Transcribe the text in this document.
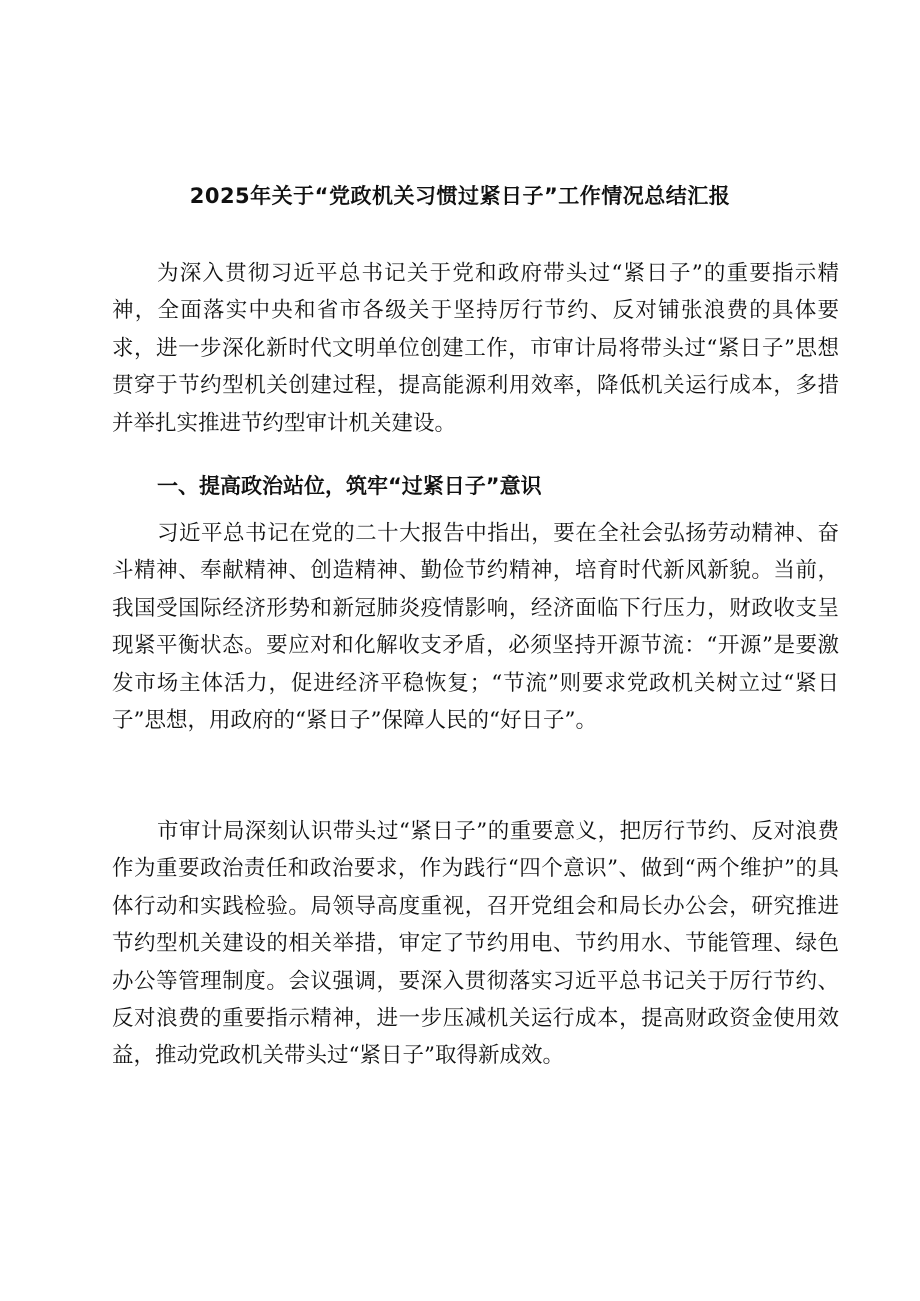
2025年关于“党政机关习惯过紧日子”工作情况总结汇报

为深入贯彻习近平总书记关于党和政府带头过“紧日子”的重要指示精神，全面落实中央和省市各级关于坚持厉行节约、反对铺张浪费的具体要求，进一步深化新时代文明单位创建工作，市审计局将带头过“紧日子”思想贯穿于节约型机关创建过程，提高能源利用效率，降低机关运行成本，多措并举扎实推进节约型审计机关建设。

一、提高政治站位，筑牢“过紧日子”意识

习近平总书记在党的二十大报告中指出，要在全社会弘扬劳动精神、奋斗精神、奉献精神、创造精神、勤俭节约精神，培育时代新风新貌。当前，我国受国际经济形势和新冠肺炎疫情影响，经济面临下行压力，财政收支呈现紧平衡状态。要应对和化解收支矛盾，必须坚持开源节流：“开源”是要激发市场主体活力，促进经济平稳恢复；“节流”则要求党政机关树立过“紧日子”思想，用政府的“紧日子”保障人民的“好日子”。

市审计局深刻认识带头过“紧日子”的重要意义，把厉行节约、反对浪费作为重要政治责任和政治要求，作为践行“四个意识”、做到“两个维护”的具体行动和实践检验。局领导高度重视，召开党组会和局长办公会，研究推进节约型机关建设的相关举措，审定了节约用电、节约用水、节能管理、绿色办公等管理制度。会议强调，要深入贯彻落实习近平总书记关于厉行节约、反对浪费的重要指示精神，进一步压减机关运行成本，提高财政资金使用效益，推动党政机关带头过“紧日子”取得新成效。
